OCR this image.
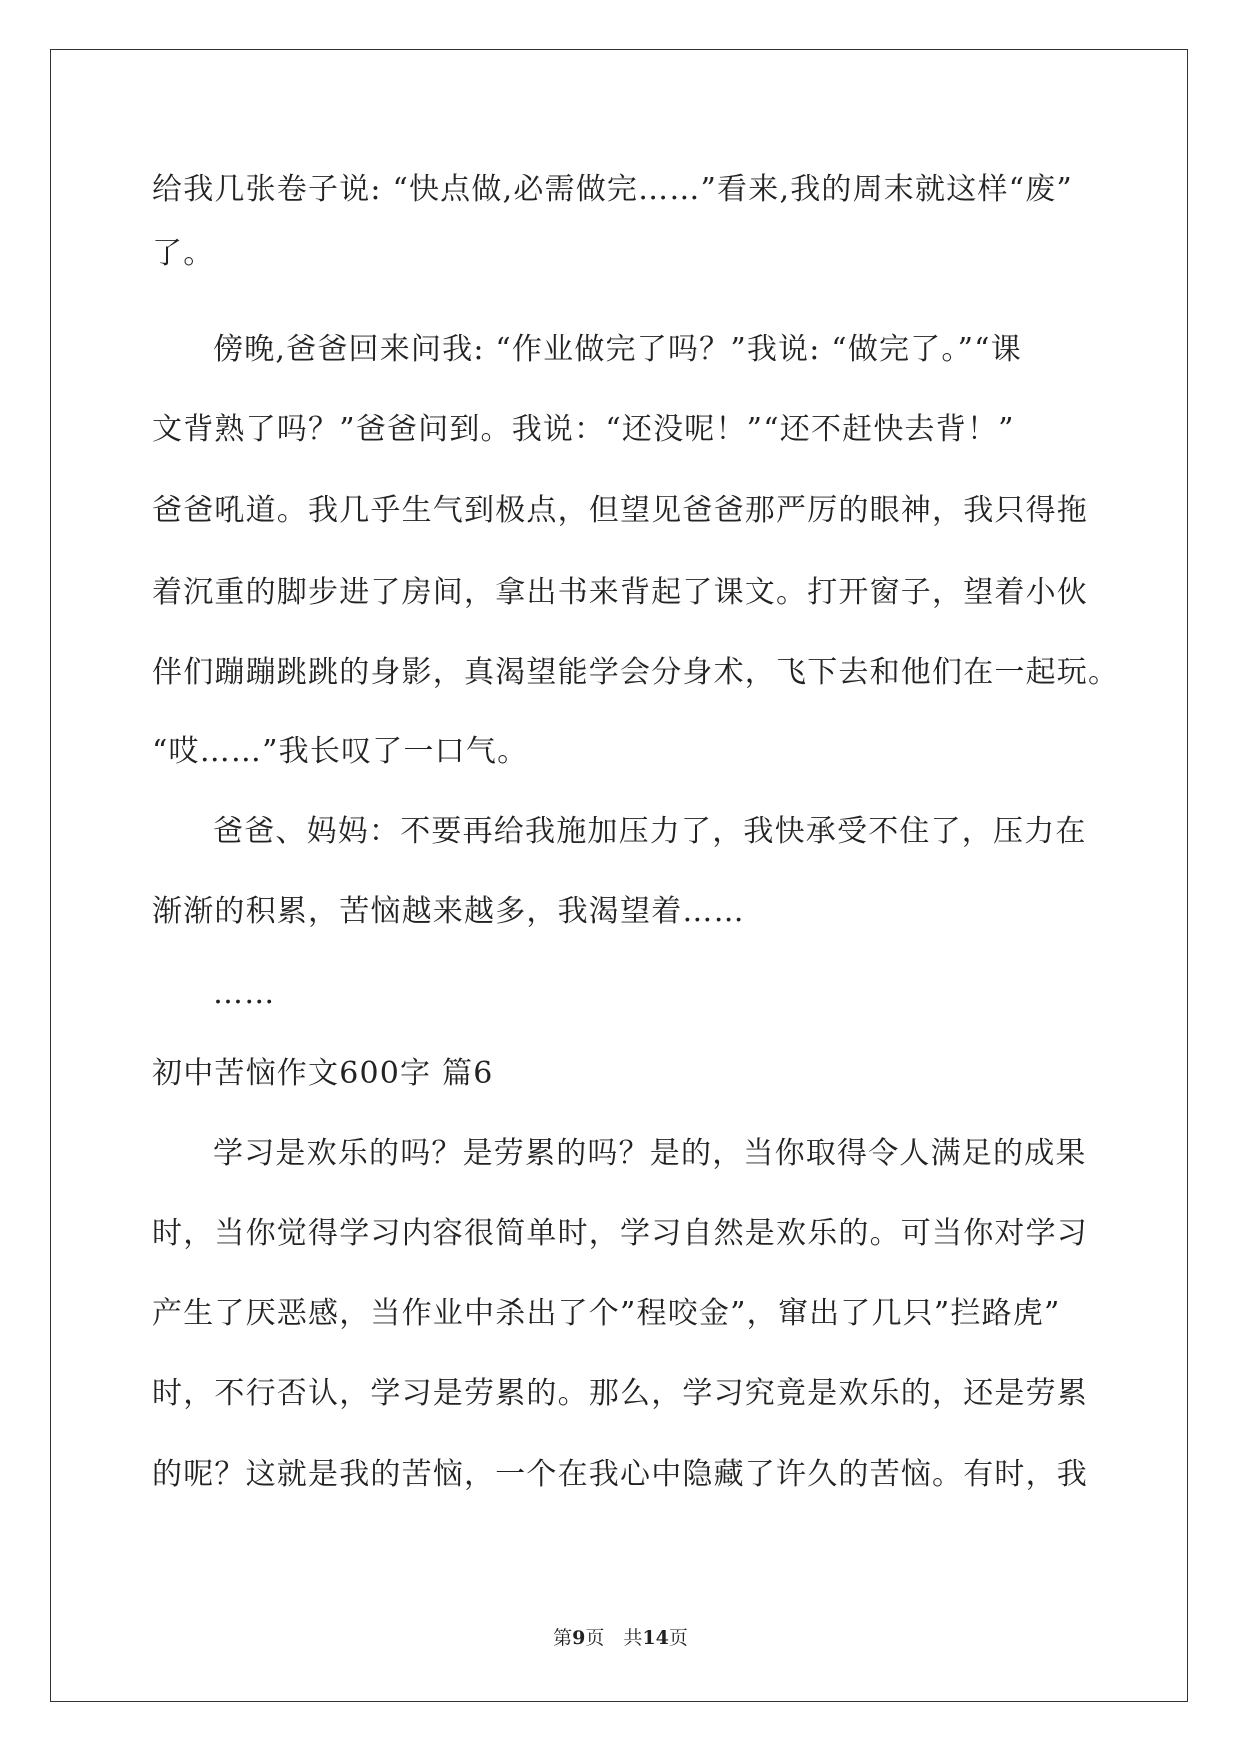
给我几张卷子说: “快点做,必需做完……”看来,我的周末就这样“废”
了。
傍晚,爸爸回来问我: “作业做完了吗？”我说: “做完了。”“课
文背熟了吗？”爸爸问到。我说：“还没呢！”“还不赶快去背！”
爸爸吼道。我几乎生气到极点，但望见爸爸那严厉的眼神，我只得拖
着沉重的脚步进了房间，拿出书来背起了课文。打开窗子，望着小伙
伴们蹦蹦跳跳的身影，真渴望能学会分身术，飞下去和他们在一起玩。
“哎……”我长叹了一口气。
爸爸、妈妈：不要再给我施加压力了，我快承受不住了，压力在
渐渐的积累，苦恼越来越多，我渴望着……
……
初中苦恼作文600字 篇6
学习是欢乐的吗？是劳累的吗？是的，当你取得令人满足的成果
时，当你觉得学习内容很简单时，学习自然是欢乐的。可当你对学习
产生了厌恶感，当作业中杀出了个”程咬金”，窜出了几只”拦路虎”
时，不行否认，学习是劳累的。那么，学习究竟是欢乐的，还是劳累
的呢？这就是我的苦恼，一个在我心中隐藏了许久的苦恼。有时，我
第9页　共14页
